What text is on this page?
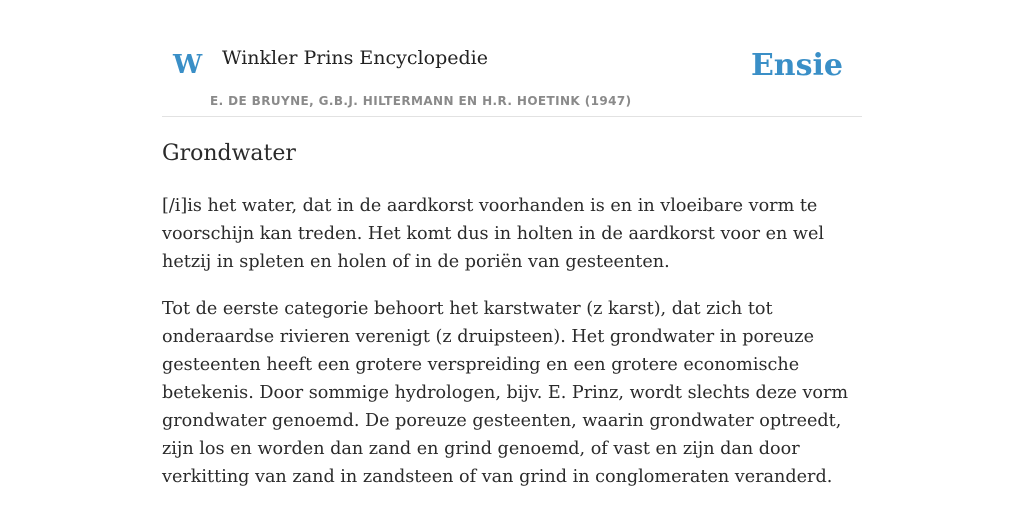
W Winkler Prins Encyclopedie
E. DE BRUYNE, G.B.J. HILTERMANN EN H.R. HOETINK (1947)
Ensie
Grondwater

[/i]is het water, dat in de aardkorst voorhanden is en in vloeibare vorm te voorschijn kan treden. Het komt dus in holten in de aardkorst voor en wel hetzij in spleten en holen of in de poriën van gesteenten.

Tot de eerste categorie behoort het karstwater (z karst), dat zich tot onderaardse rivieren verenigt (z druipsteen). Het grondwater in poreuze gesteenten heeft een grotere verspreiding en een grotere economische betekenis. Door sommige hydrologen, bijv. E. Prinz, wordt slechts deze vorm grondwater genoemd. De poreuze gesteenten, waarin grondwater optreedt, zijn los en worden dan zand en grind genoemd, of vast en zijn dan door verkitting van zand in zandsteen of van grind in conglomeraten veranderd.
